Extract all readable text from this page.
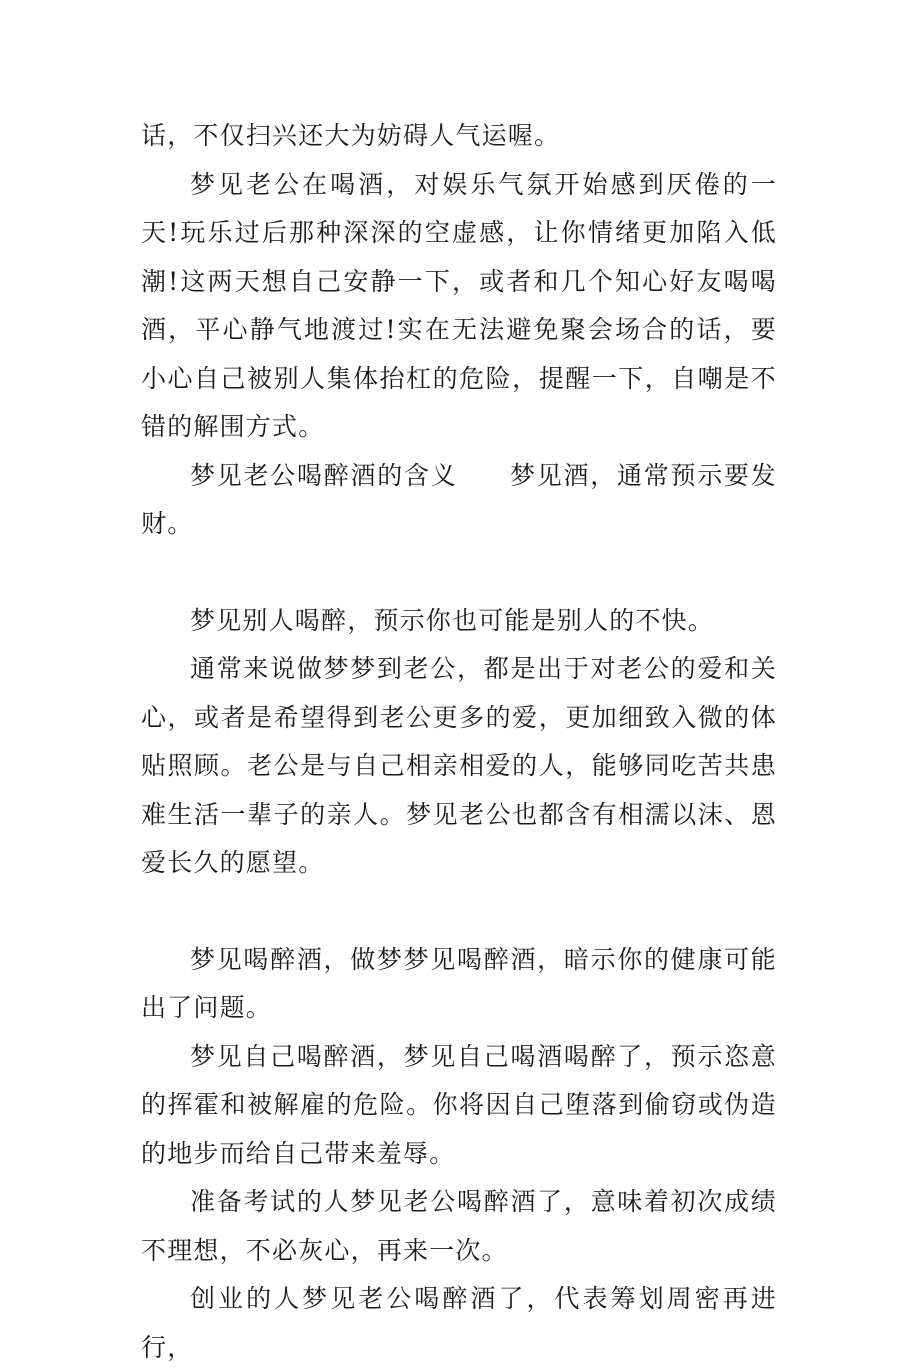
话，不仅扫兴还大为妨碍人气运喔。

梦见老公在喝酒，对娱乐气氛开始感到厌倦的一天!玩乐过后那种深深的空虚感，让你情绪更加陷入低潮!这两天想自己安静一下，或者和几个知心好友喝喝酒，平心静气地渡过!实在无法避免聚会场合的话，要小心自己被别人集体抬杠的危险，提醒一下，自嘲是不错的解围方式。

梦见老公喝醉酒的含义 梦见酒，通常预示要发财。

梦见别人喝醉，预示你也可能是别人的不快。

通常来说做梦梦到老公，都是出于对老公的爱和关心，或者是希望得到老公更多的爱，更加细致入微的体贴照顾。老公是与自己相亲相爱的人，能够同吃苦共患难生活一辈子的亲人。梦见老公也都含有相濡以沫、恩爱长久的愿望。

梦见喝醉酒，做梦梦见喝醉酒，暗示你的健康可能出了问题。

梦见自己喝醉酒，梦见自己喝酒喝醉了，预示恣意的挥霍和被解雇的危险。你将因自己堕落到偷窃或伪造的地步而给自己带来羞辱。

准备考试的人梦见老公喝醉酒了，意味着初次成绩不理想，不必灰心，再来一次。

创业的人梦见老公喝醉酒了，代表筹划周密再进行，
